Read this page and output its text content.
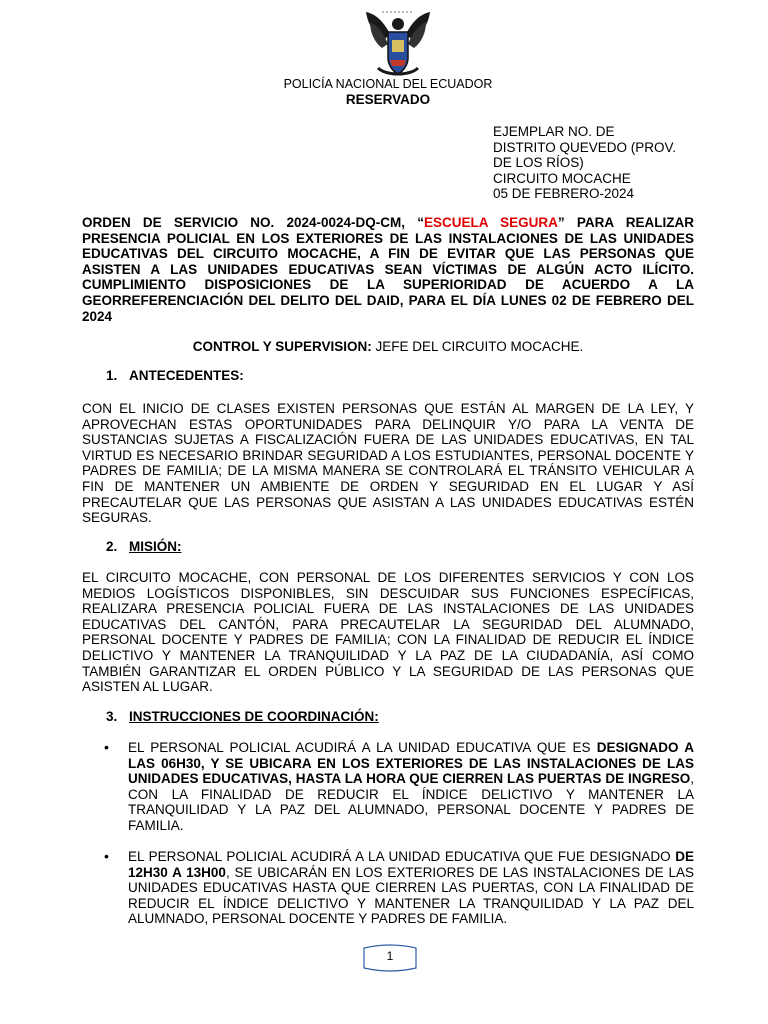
POLICÍA NACIONAL DEL ECUADOR
RESERVADO
EJEMPLAR NO. DE
DISTRITO QUEVEDO (PROV.
DE LOS RÍOS)
CIRCUITO MOCACHE
05 DE FEBRERO-2024
ORDEN DE SERVICIO NO. 2024-0024-DQ-CM, “ESCUELA SEGURA” PARA REALIZAR PRESENCIA POLICIAL EN LOS EXTERIORES DE LAS INSTALACIONES DE LAS UNIDADES EDUCATIVAS DEL CIRCUITO MOCACHE, A FIN DE EVITAR QUE LAS PERSONAS QUE ASISTEN A LAS UNIDADES EDUCATIVAS SEAN VÍCTIMAS DE ALGÚN ACTO ILÍCITO. CUMPLIMIENTO DISPOSICIONES DE LA SUPERIORIDAD DE ACUERDO A LA GEORREFERENCIACIÓN DEL DELITO DEL DAID, PARA EL DÍA LUNES 02 DE FEBRERO DEL 2024
CONTROL Y SUPERVISION: JEFE DEL CIRCUITO MOCACHE.
1. ANTECEDENTES:
CON EL INICIO DE CLASES EXISTEN PERSONAS QUE ESTÁN AL MARGEN DE LA LEY, Y APROVECHAN ESTAS OPORTUNIDADES PARA DELINQUIR Y/O PARA LA VENTA DE SUSTANCIAS SUJETAS A FISCALIZACIÓN FUERA DE LAS UNIDADES EDUCATIVAS, EN TAL VIRTUD ES NECESARIO BRINDAR SEGURIDAD A LOS ESTUDIANTES, PERSONAL DOCENTE Y PADRES DE FAMILIA; DE LA MISMA MANERA SE CONTROLARÁ EL TRÁNSITO VEHICULAR A FIN DE MANTENER UN AMBIENTE DE ORDEN Y SEGURIDAD EN EL LUGAR Y ASÍ PRECAUTELAR QUE LAS PERSONAS QUE ASISTAN A LAS UNIDADES EDUCATIVAS ESTÉN SEGURAS.
2. MISIÓN:
EL CIRCUITO MOCACHE, CON PERSONAL DE LOS DIFERENTES SERVICIOS Y CON LOS MEDIOS LOGÍSTICOS DISPONIBLES, SIN DESCUIDAR SUS FUNCIONES ESPECÍFICAS, REALIZARA PRESENCIA POLICIAL FUERA DE LAS INSTALACIONES DE LAS UNIDADES EDUCATIVAS DEL CANTÓN, PARA PRECAUTELAR LA SEGURIDAD DEL ALUMNADO, PERSONAL DOCENTE Y PADRES DE FAMILIA; CON LA FINALIDAD DE REDUCIR EL ÍNDICE DELICTIVO Y MANTENER LA TRANQUILIDAD Y LA PAZ DE LA CIUDADANÍA, ASÍ COMO TAMBIÉN GARANTIZAR EL ORDEN PÚBLICO Y LA SEGURIDAD DE LAS PERSONAS QUE ASISTEN AL LUGAR.
3. INSTRUCCIONES DE COORDINACIÓN:
• EL PERSONAL POLICIAL ACUDIRÁ A LA UNIDAD EDUCATIVA QUE ES DESIGNADO A LAS 06H30, Y SE UBICARA EN LOS EXTERIORES DE LAS INSTALACIONES DE LAS UNIDADES EDUCATIVAS, HASTA LA HORA QUE CIERREN LAS PUERTAS DE INGRESO, CON LA FINALIDAD DE REDUCIR EL ÍNDICE DELICTIVO Y MANTENER LA TRANQUILIDAD Y LA PAZ DEL ALUMNADO, PERSONAL DOCENTE Y PADRES DE FAMILIA.
• EL PERSONAL POLICIAL ACUDIRÁ A LA UNIDAD EDUCATIVA QUE FUE DESIGNADO DE 12H30 A 13H00, SE UBICARÁN EN LOS EXTERIORES DE LAS INSTALACIONES DE LAS UNIDADES EDUCATIVAS HASTA QUE CIERREN LAS PUERTAS, CON LA FINALIDAD DE REDUCIR EL ÍNDICE DELICTIVO Y MANTENER LA TRANQUILIDAD Y LA PAZ DEL ALUMNADO, PERSONAL DOCENTE Y PADRES DE FAMILIA.
1
